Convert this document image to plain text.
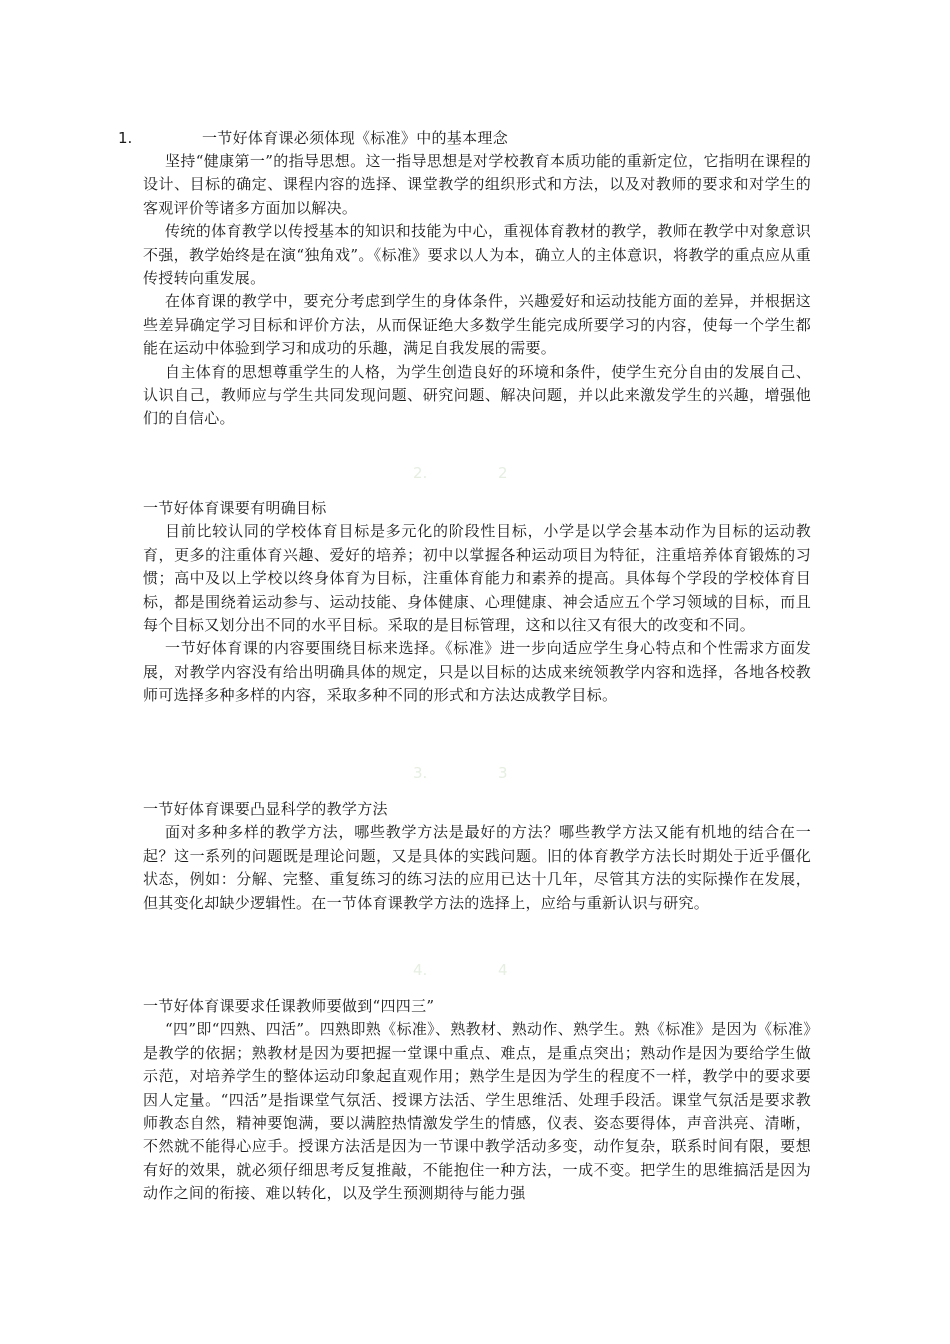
1.	一节好体育课必须体现《标准》中的基本理念

坚持“健康第一”的指导思想。这一指导思想是对学校教育本质功能的重新定位，它指明在课程的设计、目标的确定、课程内容的选择、课堂教学的组织形式和方法，以及对教师的要求和对学生的客观评价等诸多方面加以解决。

传统的体育教学以传授基本的知识和技能为中心，重视体育教材的教学，教师在教学中对象意识不强，教学始终是在演“独角戏”。《标准》要求以人为本，确立人的主体意识，将教学的重点应从重传授转向重发展。

在体育课的教学中，要充分考虑到学生的身体条件，兴趣爱好和运动技能方面的差异，并根据这些差异确定学习目标和评价方法，从而保证绝大多数学生能完成所要学习的内容，使每一个学生都能在运动中体验到学习和成功的乐趣，满足自我发展的需要。

自主体育的思想尊重学生的人格，为学生创造良好的环境和条件，使学生充分自由的发展自己、认识自己，教师应与学生共同发现问题、研究问题、解决问题，并以此来激发学生的兴趣，增强他们的自信心。

2.	2

一节好体育课要有明确目标

目前比较认同的学校体育目标是多元化的阶段性目标，小学是以学会基本动作为目标的运动教育，更多的注重体育兴趣、爱好的培养；初中以掌握各种运动项目为特征，注重培养体育锻炼的习惯；高中及以上学校以终身体育为目标，注重体育能力和素养的提高。具体每个学段的学校体育目标，都是围绕着运动参与、运动技能、身体健康、心理健康、神会适应五个学习领域的目标，而且每个目标又划分出不同的水平目标。采取的是目标管理，这和以往又有很大的改变和不同。

一节好体育课的内容要围绕目标来选择。《标准》进一步向适应学生身心特点和个性需求方面发展，对教学内容没有给出明确具体的规定，只是以目标的达成来统领教学内容和选择，各地各校教师可选择多种多样的内容，采取多种不同的形式和方法达成教学目标。

3.	3

一节好体育课要凸显科学的教学方法

面对多种多样的教学方法，哪些教学方法是最好的方法？哪些教学方法又能有机地的结合在一起？这一系列的问题既是理论问题，又是具体的实践问题。旧的体育教学方法长时期处于近乎僵化状态，例如：分解、完整、重复练习的练习法的应用已达十几年，尽管其方法的实际操作在发展，但其变化却缺少逻辑性。在一节体育课教学方法的选择上，应给与重新认识与研究。

4.	4

一节好体育课要求任课教师要做到“四四三”

“四”即“四熟、四活”。四熟即熟《标准》、熟教材、熟动作、熟学生。熟《标准》是因为《标准》是教学的依据；熟教材是因为要把握一堂课中重点、难点，是重点突出；熟动作是因为要给学生做示范，对培养学生的整体运动印象起直观作用；熟学生是因为学生的程度不一样，教学中的要求要因人定量。“四活”是指课堂气氛活、授课方法活、学生思维活、处理手段活。课堂气氛活是要求教师教态自然，精神要饱满，要以满腔热情激发学生的情感，仪表、姿态要得体，声音洪亮、清晰，不然就不能得心应手。授课方法活是因为一节课中教学活动多变，动作复杂，联系时间有限，要想有好的效果，就必须仔细思考反复推敲，不能抱住一种方法，一成不变。把学生的思维搞活是因为动作之间的衔接、难以转化，以及学生预测期待与能力强
